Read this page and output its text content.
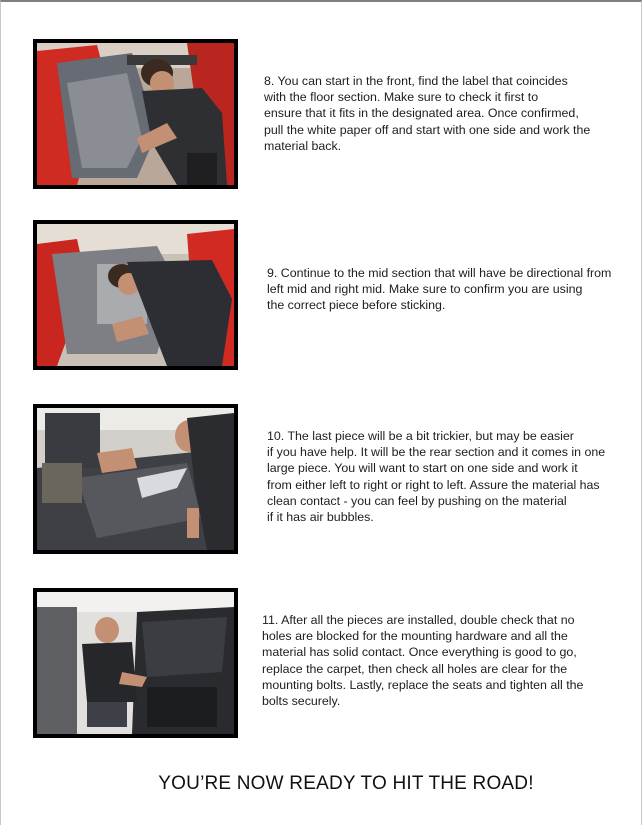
8. You can start in the front, find the label that coincides
with the floor section. Make sure to check it first to
ensure that it fits in the designated area. Once confirmed,
pull the white paper off and start with one side and work the
material back.

9. Continue to the mid section that will have be directional from
left mid and right mid. Make sure to confirm you are using
the correct piece before sticking.

10. The last piece will be a bit trickier, but may be easier
if you have help. It will be the rear section and it comes in one
large piece. You will want to start on one side and work it
from either left to right or right to left. Assure the material has
clean contact - you can feel by pushing on the material
if it has air bubbles.

11. After all the pieces are installed, double check that no
holes are blocked for the mounting hardware and all the
material has solid contact. Once everything is good to go,
replace the carpet, then check all holes are clear for the
mounting bolts. Lastly, replace the seats and tighten all the
bolts securely.

YOU’RE NOW READY TO HIT THE ROAD!
